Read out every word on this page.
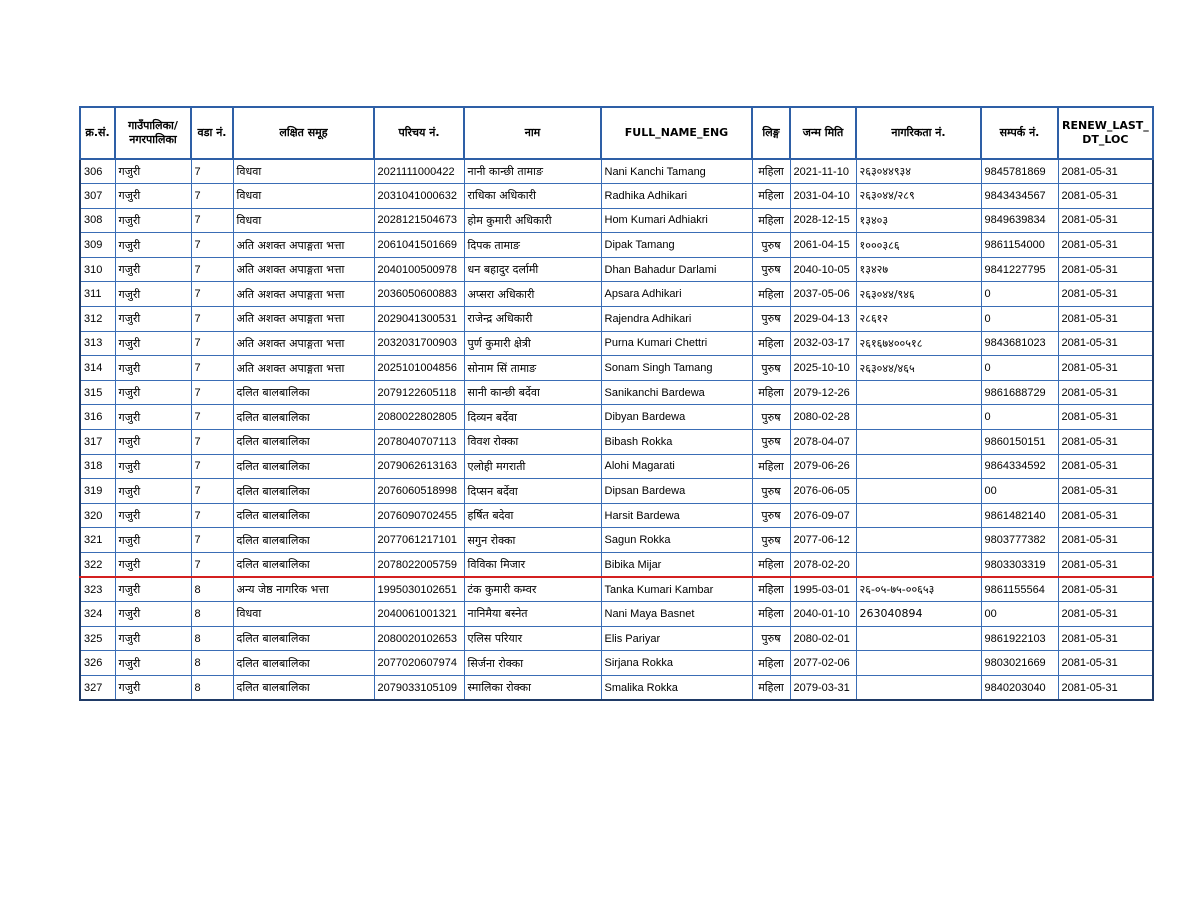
क्र.सं.	गाउँपालिका/ नगरपालिका	वडा नं.	लक्षित समूह	परिचय नं.	नाम	FULL_NAME_ENG	लिङ्ग	जन्म मिति	नागरिकता नं.	सम्पर्क नं.	RENEW_LAST_ DT_LOC
306	गजुरी	7	विधवा	2021111000422	नानी कान्छी तामाङ	Nani Kanchi Tamang	महिला	2021-11-10	२६३०४४९३४	9845781869	2081-05-31
307	गजुरी	7	विधवा	2031041000632	राधिका अधिकारी	Radhika Adhikari	महिला	2031-04-10	२६३०४४/२८९	9843434567	2081-05-31
308	गजुरी	7	विधवा	2028121504673	होम कुमारी अधिकारी	Hom Kumari Adhiakri	महिला	2028-12-15	१३४०३	9849639834	2081-05-31
309	गजुरी	7	अति अशक्त अपाङ्गता भत्ता	2061041501669	दिपक तामाङ	Dipak Tamang	पुरुष	2061-04-15	१०००३८६	9861154000	2081-05-31
310	गजुरी	7	अति अशक्त अपाङ्गता भत्ता	2040100500978	धन बहादुर दर्लामी	Dhan Bahadur Darlami	पुरुष	2040-10-05	१३४२७	9841227795	2081-05-31
311	गजुरी	7	अति अशक्त अपाङ्गता भत्ता	2036050600883	अप्सरा अधिकारी	Apsara Adhikari	महिला	2037-05-06	२६३०४४/९४६	0	2081-05-31
312	गजुरी	7	अति अशक्त अपाङ्गता भत्ता	2029041300531	राजेन्द्र अधिकारी	Rajendra Adhikari	पुरुष	2029-04-13	२८६१२	0	2081-05-31
313	गजुरी	7	अति अशक्त अपाङ्गता भत्ता	2032031700903	पुर्ण कुमारी क्षेत्री	Purna Kumari Chettri	महिला	2032-03-17	२६१६७४००५१८	9843681023	2081-05-31
314	गजुरी	7	अति अशक्त अपाङ्गता भत्ता	2025101004856	सोनाम सिं तामाङ	Sonam Singh Tamang	पुरुष	2025-10-10	२६३०४४/४६५	0	2081-05-31
315	गजुरी	7	दलित बालबालिका	2079122605118	सानी कान्छी बर्देवा	Sanikanchi Bardewa	महिला	2079-12-26		9861688729	2081-05-31
316	गजुरी	7	दलित बालबालिका	2080022802805	दिव्यन बर्देवा	Dibyan Bardewa	पुरुष	2080-02-28		0	2081-05-31
317	गजुरी	7	दलित बालबालिका	2078040707113	विवश रोक्का	Bibash Rokka	पुरुष	2078-04-07		9860150151	2081-05-31
318	गजुरी	7	दलित बालबालिका	2079062613163	एलोही मगराती	Alohi Magarati	महिला	2079-06-26		9864334592	2081-05-31
319	गजुरी	7	दलित बालबालिका	2076060518998	दिप्सन बर्देवा	Dipsan Bardewa	पुरुष	2076-06-05		00	2081-05-31
320	गजुरी	7	दलित बालबालिका	2076090702455	हर्षित बदेवा	Harsit Bardewa	पुरुष	2076-09-07		9861482140	2081-05-31
321	गजुरी	7	दलित बालबालिका	2077061217101	सगुन रोक्का	Sagun Rokka	पुरुष	2077-06-12		9803777382	2081-05-31
322	गजुरी	7	दलित बालबालिका	2078022005759	विविका मिजार	Bibika Mijar	महिला	2078-02-20		9803303319	2081-05-31
323	गजुरी	8	अन्य जेष्ठ नागरिक भत्ता	1995030102651	टंक कुमारी कम्वर	Tanka Kumari Kambar	महिला	1995-03-01	२६-०५-७५-००६५३	9861155564	2081-05-31
324	गजुरी	8	विधवा	2040061001321	नानिमैया बस्नेत	Nani Maya Basnet	महिला	2040-01-10	263040894	00	2081-05-31
325	गजुरी	8	दलित बालबालिका	2080020102653	एलिस परियार	Elis Pariyar	पुरुष	2080-02-01		9861922103	2081-05-31
326	गजुरी	8	दलित बालबालिका	2077020607974	सिर्जना रोक्का	Sirjana Rokka	महिला	2077-02-06		9803021669	2081-05-31
327	गजुरी	8	दलित बालबालिका	2079033105109	स्मालिका रोक्का	Smalika Rokka	महिला	2079-03-31		9840203040	2081-05-31
